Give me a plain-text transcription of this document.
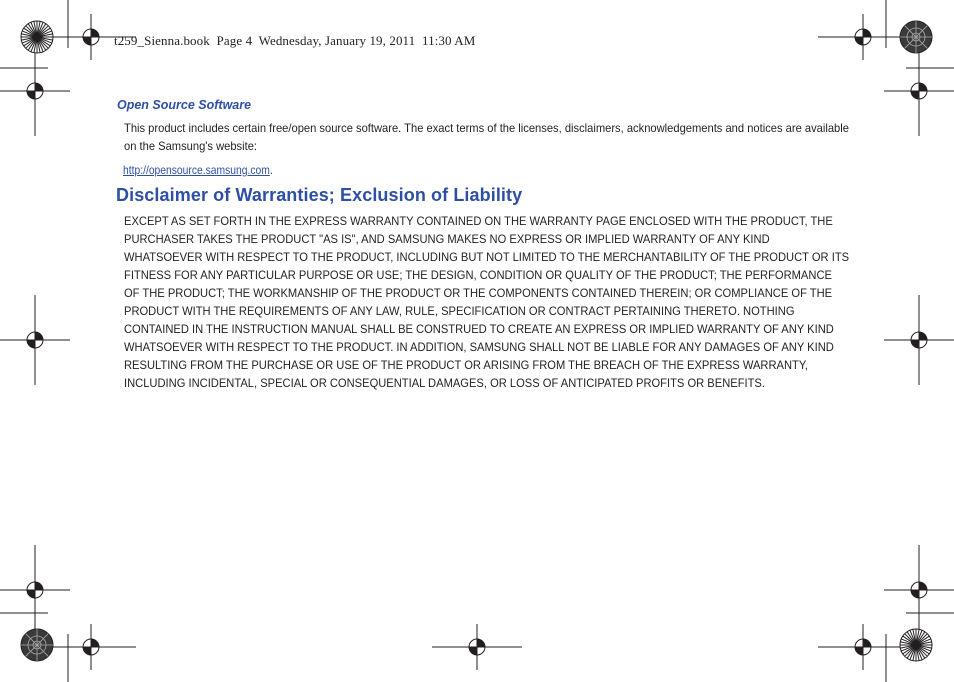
t259_Sienna.book  Page 4  Wednesday, January 19, 2011  11:30 AM
Open Source Software
This product includes certain free/open source software. The exact terms of the licenses, disclaimers, acknowledgements and notices are available on the Samsung's website:
http://opensource.samsung.com.
Disclaimer of Warranties; Exclusion of Liability
EXCEPT AS SET FORTH IN THE EXPRESS WARRANTY CONTAINED ON THE WARRANTY PAGE ENCLOSED WITH THE PRODUCT, THE PURCHASER TAKES THE PRODUCT "AS IS", AND SAMSUNG MAKES NO EXPRESS OR IMPLIED WARRANTY OF ANY KIND WHATSOEVER WITH RESPECT TO THE PRODUCT, INCLUDING BUT NOT LIMITED TO THE MERCHANTABILITY OF THE PRODUCT OR ITS FITNESS FOR ANY PARTICULAR PURPOSE OR USE; THE DESIGN, CONDITION OR QUALITY OF THE PRODUCT; THE PERFORMANCE OF THE PRODUCT; THE WORKMANSHIP OF THE PRODUCT OR THE COMPONENTS CONTAINED THEREIN; OR COMPLIANCE OF THE PRODUCT WITH THE REQUIREMENTS OF ANY LAW, RULE, SPECIFICATION OR CONTRACT PERTAINING THERETO. NOTHING CONTAINED IN THE INSTRUCTION MANUAL SHALL BE CONSTRUED TO CREATE AN EXPRESS OR IMPLIED WARRANTY OF ANY KIND WHATSOEVER WITH RESPECT TO THE PRODUCT. IN ADDITION, SAMSUNG SHALL NOT BE LIABLE FOR ANY DAMAGES OF ANY KIND RESULTING FROM THE PURCHASE OR USE OF THE PRODUCT OR ARISING FROM THE BREACH OF THE EXPRESS WARRANTY, INCLUDING INCIDENTAL, SPECIAL OR CONSEQUENTIAL DAMAGES, OR LOSS OF ANTICIPATED PROFITS OR BENEFITS.
